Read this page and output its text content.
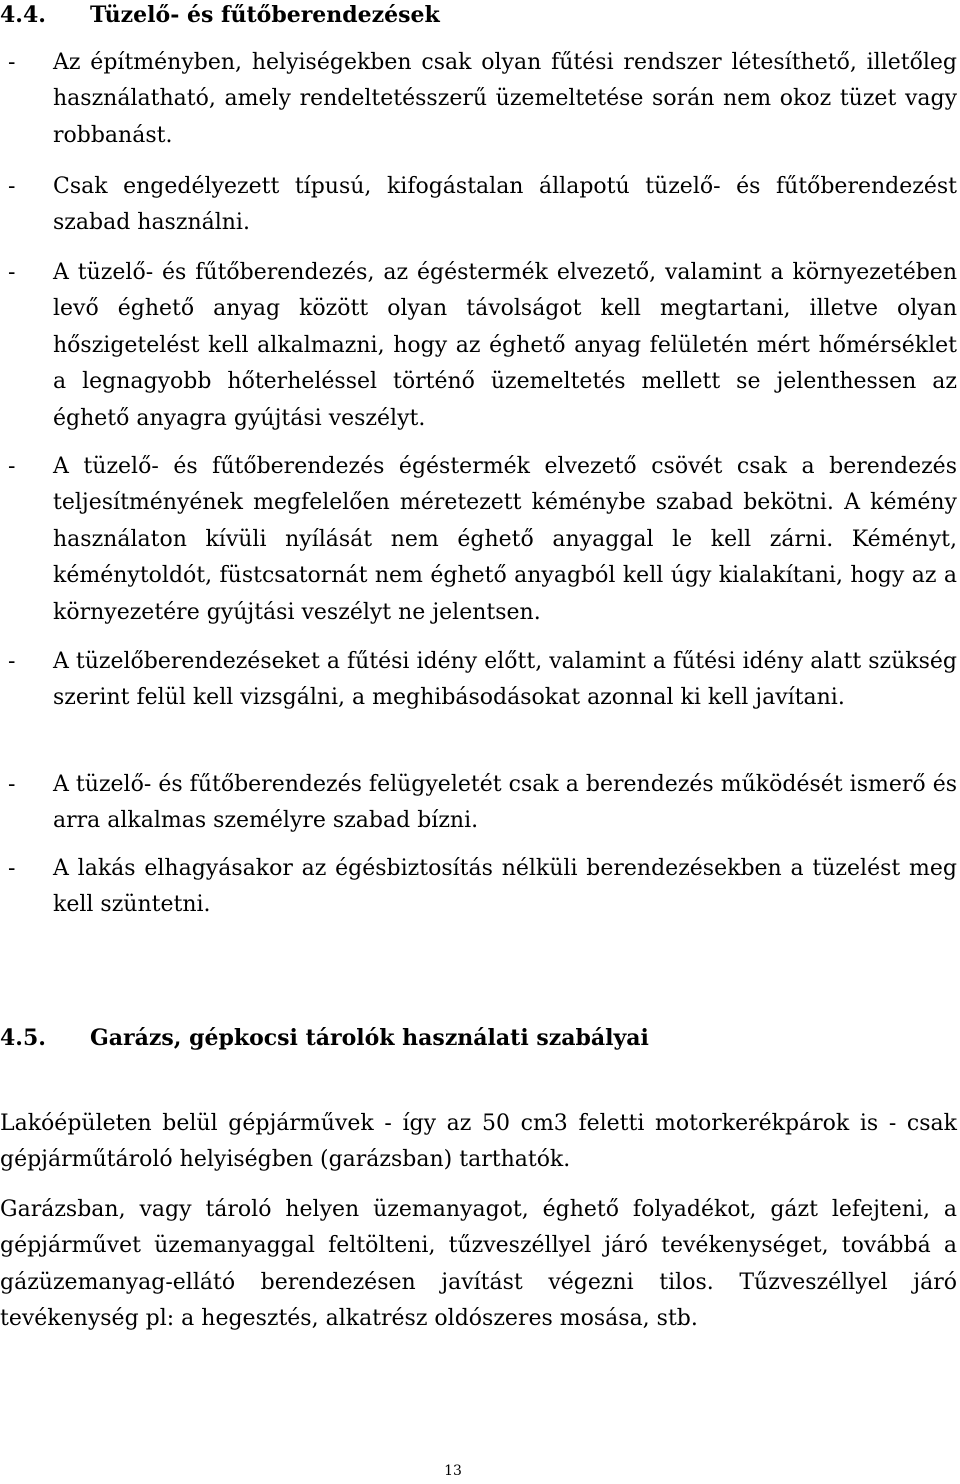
4.4. Tüzelő- és fűtőberendezések
- Az építményben, helyiségekben csak olyan fűtési rendszer létesíthető, illetőleg használatható, amely rendeltetésszerű üzemeltetése során nem okoz tüzet vagy robbanást.

- Csak engedélyezett típusú, kifogástalan állapotú tüzelő- és fűtőberendezést szabad használni.

- A tüzelő- és fűtőberendezés, az égéstermék elvezető, valamint a környezetében levő éghető anyag között olyan távolságot kell megtartani, illetve olyan hőszigetelést kell alkalmazni, hogy az éghető anyag felületén mért hőmérséklet a legnagyobb hőterheléssel történő üzemeltetés mellett se jelenthessen az éghető anyagra gyújtási veszélyt.

- A tüzelő- és fűtőberendezés égéstermék elvezető csövét csak a berendezés teljesítményének megfelelően méretezett kéménybe szabad bekötni. A kémény használaton kívüli nyílását nem éghető anyaggal le kell zárni. Kéményt, kéménytoldót, füstcsatornát nem éghető anyagból kell úgy kialakítani, hogy az a környezetére gyújtási veszélyt ne jelentsen.

- A tüzelőberendezéseket a fűtési idény előtt, valamint a fűtési idény alatt szükség szerint felül kell vizsgálni, a meghibásodásokat azonnal ki kell javítani.

- A tüzelő- és fűtőberendezés felügyeletét csak a berendezés működését ismerő és arra alkalmas személyre szabad bízni.

- A lakás elhagyásakor az égésbiztosítás nélküli berendezésekben a tüzelést meg kell szüntetni.

4.5. Garázs, gépkocsi tárolók használati szabályai

Lakóépületen belül gépjárművek - így az 50 cm3 feletti motorkerékpárok is - csak gépjárműtároló helyiségben (garázsban) tarthatók.

Garázsban, vagy tároló helyen üzemanyagot, éghető folyadékot, gázt lefejteni, a gépjárművet üzemanyaggal feltölteni, tűzveszéllyel járó tevékenységet, továbbá a gázüzemanyag-ellátó berendezésen javítást végezni tilos. Tűzveszéllyel járó tevékenység pl: a hegesztés, alkatrész oldószeres mosása, stb.

13
